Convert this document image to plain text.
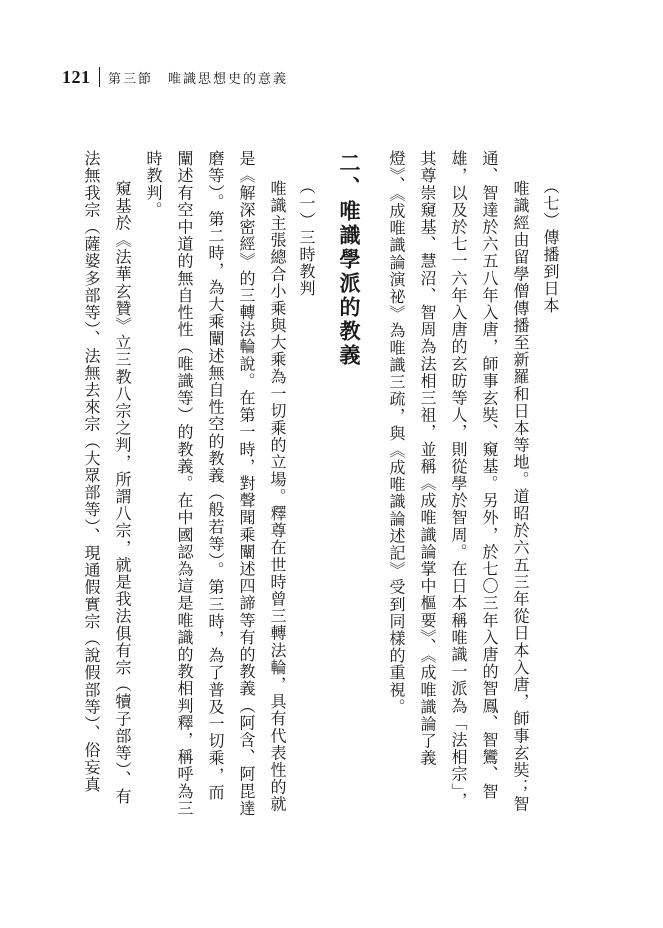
121 第三節　唯識思想史的意義
（七）傳播到日本
唯識經由留學僧傳播至新羅和日本等地。道昭於六五三年從日本入唐，師事玄奘；智
通、智達於六五八年入唐，師事玄奘、窺基。另外，於七〇三年入唐的智鳳、智鸞、智
雄，以及於七一六年入唐的玄昉等人，則從學於智周。在日本稱唯識一派為「法相宗」，
其尊崇窺基、慧沼、智周為法相三祖，並稱《成唯識論掌中樞要》、《成唯識論了義
燈》、《成唯識論演祕》為唯識三疏，與《成唯識論述記》受到同樣的重視。
二、唯識學派的教義
（一）三時教判
唯識主張總合小乘與大乘為一切乘的立場。釋尊在世時曾三轉法輪，具有代表性的就
是《解深密經》的三轉法輪說。在第一時，對聲聞乘闡述四諦等有的教義（阿含、阿毘達
磨等）。第二時，為大乘闡述無自性空的教義（般若等）。第三時，為了普及一切乘，而
闡述有空中道的無自性性（唯識等）的教義。在中國認為這是唯識的教相判釋，稱呼為三
時教判。
　窺基於《法華玄贊》立三教八宗之判，所謂八宗，就是我法俱有宗（犢子部等）、有
法無我宗（薩婆多部等）、法無去來宗（大眾部等）、現通假實宗（說假部等）、俗妄真
